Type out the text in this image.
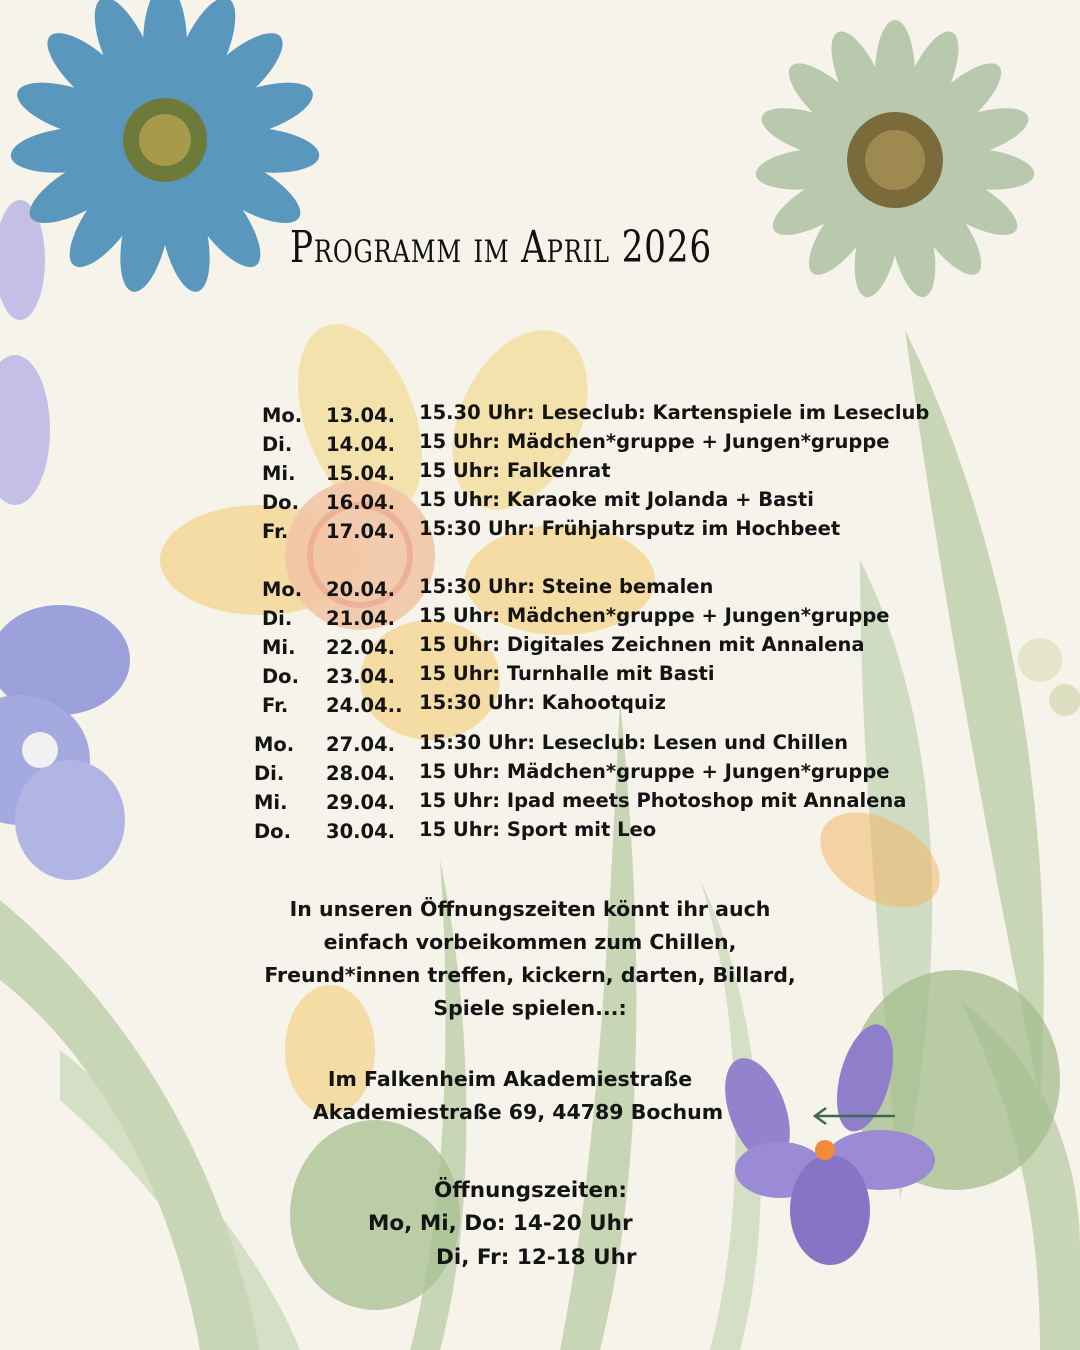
Programm im April 2026
Mo. 13.04. 15.30 Uhr: Leseclub: Kartenspiele im Leseclub
Di. 14.04. 15 Uhr: Mädchen*gruppe + Jungen*gruppe
Mi. 15.04. 15 Uhr: Falkenrat
Do. 16.04. 15 Uhr: Karaoke mit Jolanda + Basti
Fr. 17.04. 15:30 Uhr: Frühjahrsputz im Hochbeet
Mo. 20.04. 15:30 Uhr: Steine bemalen
Di. 21.04. 15 Uhr: Mädchen*gruppe + Jungen*gruppe
Mi. 22.04. 15 Uhr: Digitales Zeichnen mit Annalena
Do. 23.04. 15 Uhr: Turnhalle mit Basti
Fr. 24.04.. 15:30 Uhr: Kahootquiz
Mo. 27.04. 15:30 Uhr: Leseclub: Lesen und Chillen
Di. 28.04. 15 Uhr: Mädchen*gruppe + Jungen*gruppe
Mi. 29.04. 15 Uhr: Ipad meets Photoshop mit Annalena
Do. 30.04. 15 Uhr: Sport mit Leo
In unseren Öffnungszeiten könnt ihr auch
einfach vorbeikommen zum Chillen,
Freund*innen treffen, kickern, darten, Billard,
Spiele spielen...:
Im Falkenheim Akademiestraße
Akademiestraße 69, 44789 Bochum
Öffnungszeiten:
Mo, Mi, Do: 14-20 Uhr
Di, Fr: 12-18 Uhr
